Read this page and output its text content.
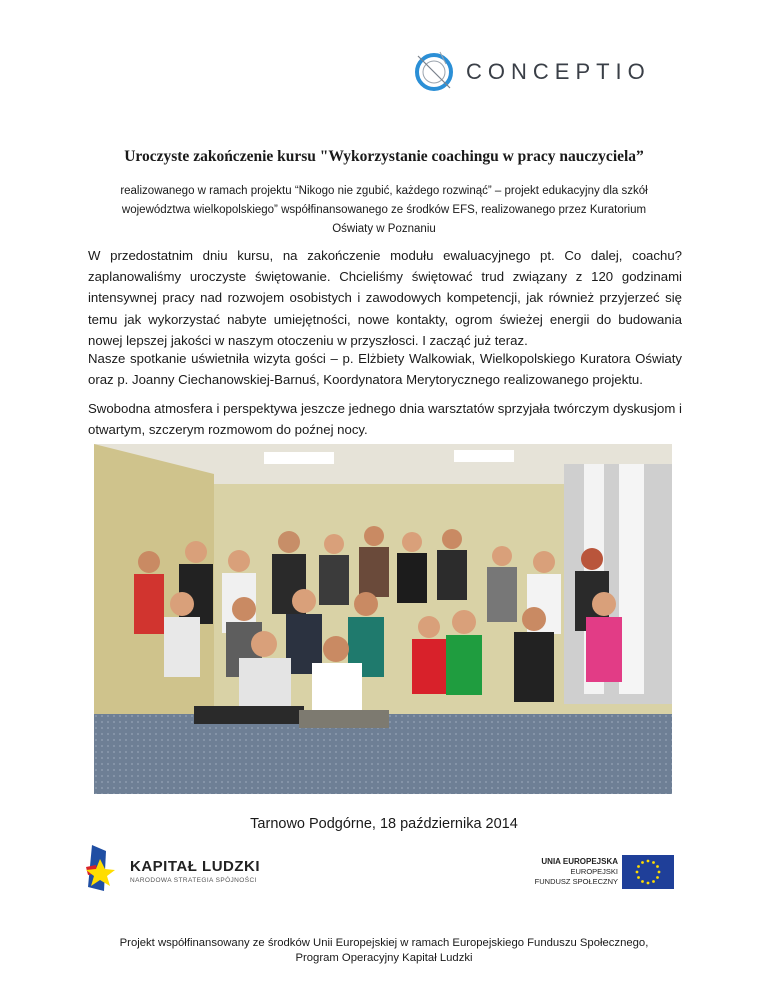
CONCEPTIO
Uroczyste zakończenie kursu "Wykorzystanie coachingu w pracy nauczyciela”
realizowanego w ramach projektu “Nikogo nie zgubić, każdego rozwinąć” – projekt edukacyjny dla szkół
województwa wielkopolskiego” współfinansowanego ze środków EFS, realizowanego przez Kuratorium
Oświaty w Poznaniu
W przedostatnim dniu kursu, na zakończenie modułu ewaluacyjnego pt. Co dalej, coachu? zaplanowaliśmy uroczyste świętowanie. Chcieliśmy świętować trud związany z 120 godzinami intensywnej pracy nad rozwojem osobistych i zawodowych kompetencji, jak również przyjerzeć się temu jak wykorzystać nabyte umiejętności, nowe kontakty, ogrom świeżej energii do budowania nowej lepszej jakości w naszym otoczeniu w przyszłosci. I zacząć już teraz.
Nasze spotkanie uświetniła wizyta gości – p. Elżbiety Walkowiak, Wielkopolskiego Kuratora Oświaty oraz p. Joanny Ciechanowskiej-Barnuś, Koordynatora Merytorycznego realizowanego projektu.
Swobodna atmosfera i perspektywa jeszcze jednego dnia warsztatów sprzyjała twórczym dyskusjom i otwartym, szczerym rozmowom do poźnej nocy.
Tarnowo Podgórne, 18 października 2014
KAPITAŁ LUDZKI
NARODOWA STRATEGIA SPÓJNOŚCI
UNIA EUROPEJSKA
EUROPEJSKI
FUNDUSZ SPOŁECZNY
Projekt współfinansowany ze środków Unii Europejskiej w ramach Europejskiego Funduszu Społecznego,
Program Operacyjny Kapitał Ludzki
